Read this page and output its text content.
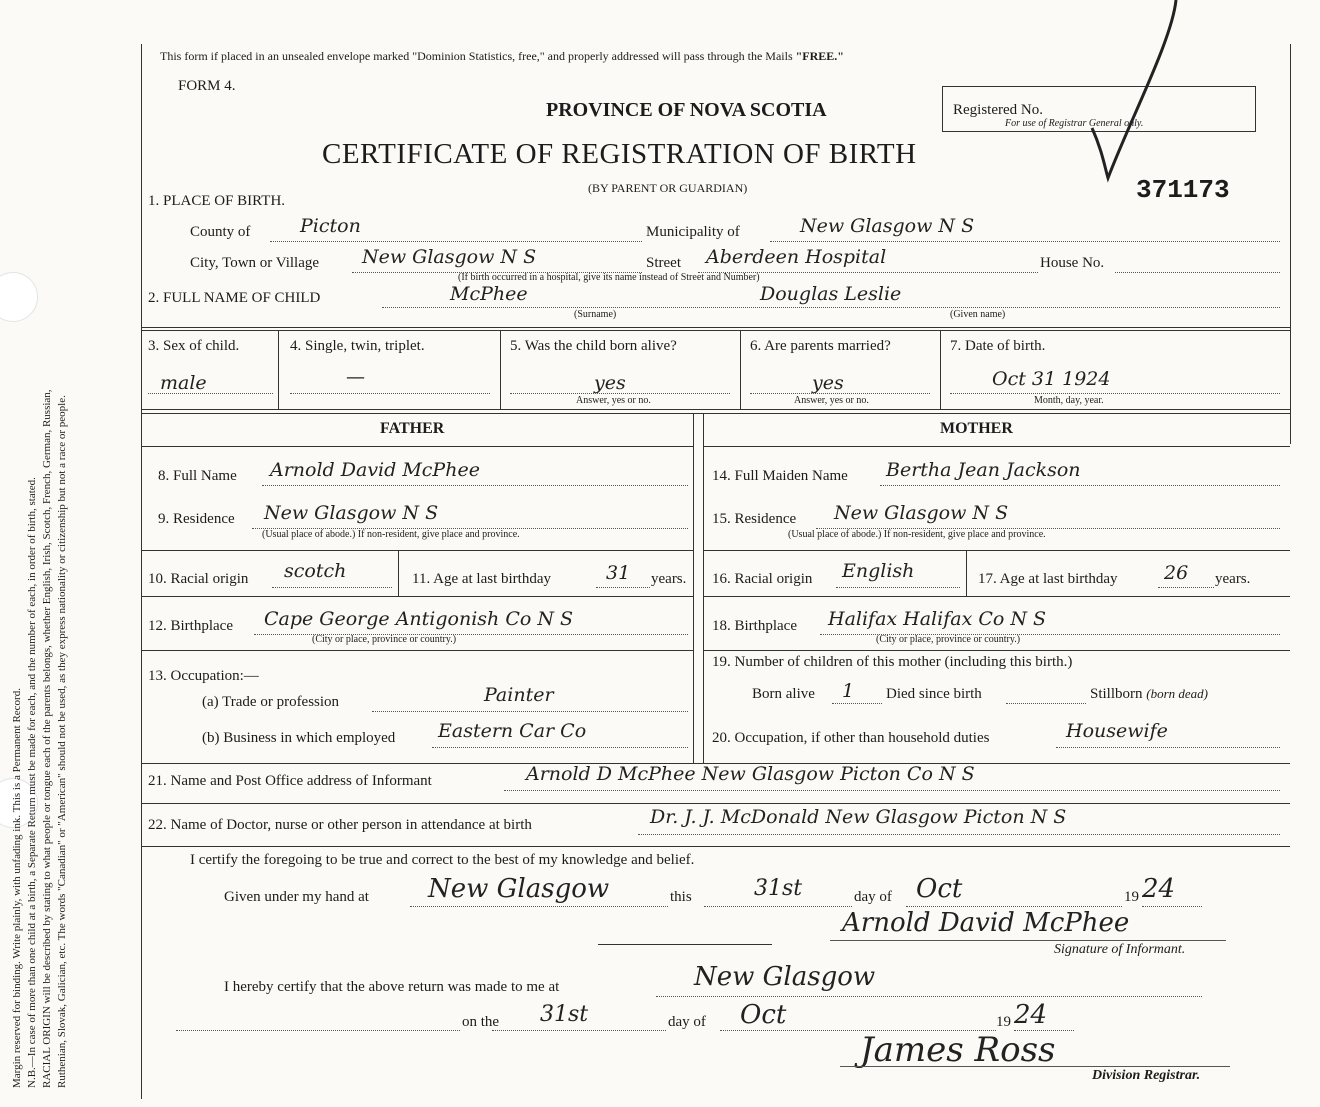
Margin reserved for binding. Write plainly, with unfading ink. This is a Permanent Record. N.B.—In case of more than one child at a birth, a Separate Return must be made for each, and the number of each, in order of birth, stated. RACIAL ORIGIN will be described by stating to what people or tongue each of the parents belongs, whether English, Irish, Scotch, French, German, Russian, Ruthenian, Slovak, Galician, etc. The words "Canadian" or "American" should not be used, as they express nationality or citizenship but not a race or people.
This form if placed in an unsealed envelope marked "Dominion Statistics, free," and properly addressed will pass through the Mails "FREE."
FORM 4.
PROVINCE OF NOVA SCOTIA
CERTIFICATE OF REGISTRATION OF BIRTH
(BY PARENT OR GUARDIAN)
Registered No.
For use of Registrar General only.
371173
1. PLACE OF BIRTH.
County of	Picton	Municipality of	New Glasgow N S
City, Town or Village New Glasgow N S	Street Aberdeen Hospital	House No.
(If birth occurred in a hospital, give its name instead of Street and Number)
2. FULL NAME OF CHILD	McPhee	Douglas Leslie
(Surname)	(Given name)
3. Sex of child.
male
4. Single, twin, triplet.
—
5. Was the child born alive?
yes
Answer, yes or no.
6. Are parents married?
yes
Answer, yes or no.
7. Date of birth.
Oct 31 1924
Month, day, year.
FATHER	MOTHER
8. Full Name Arnold David McPhee	14. Full Maiden Name Bertha Jean Jackson
9. Residence New Glasgow N S
(Usual place of abode.) If non-resident, give place and province.
15. Residence New Glasgow N S
(Usual place of abode.) If non-resident, give place and province.
10. Racial origin scotch	11. Age at last birthday	31 years. 16. Racial origin English	17. Age at last birthday 26 years.
12. Birthplace Cape George Antigonish Co N S
(City or place, province or country.)
18. Birthplace Halifax Halifax Co N S
(City or place, province or country.)
13. Occupation:—
(a) Trade or profession	Painter
(b) Business in which employed Eastern Car Co
19. Number of children of this mother (including this birth.)
Born alive 1 Died since birth	Stillborn (born dead)
20. Occupation, if other than household duties	Housewife
21. Name and Post Office address of Informant	Arnold D McPhee New Glasgow Picton Co N S
22. Name of Doctor, nurse or other person in attendance at birth	Dr. J. J. McDonald New Glasgow Picton N S
I certify the foregoing to be true and correct to the best of my knowledge and belief.
Given under my hand at New Glasgow	this	31st	day of Oct	19 24
Arnold David McPhee
Signature of Informant.
I hereby certify that the above return was made to me at	New Glasgow
on the 31st	day of Oct	19 24
James Ross
Division Registrar.
